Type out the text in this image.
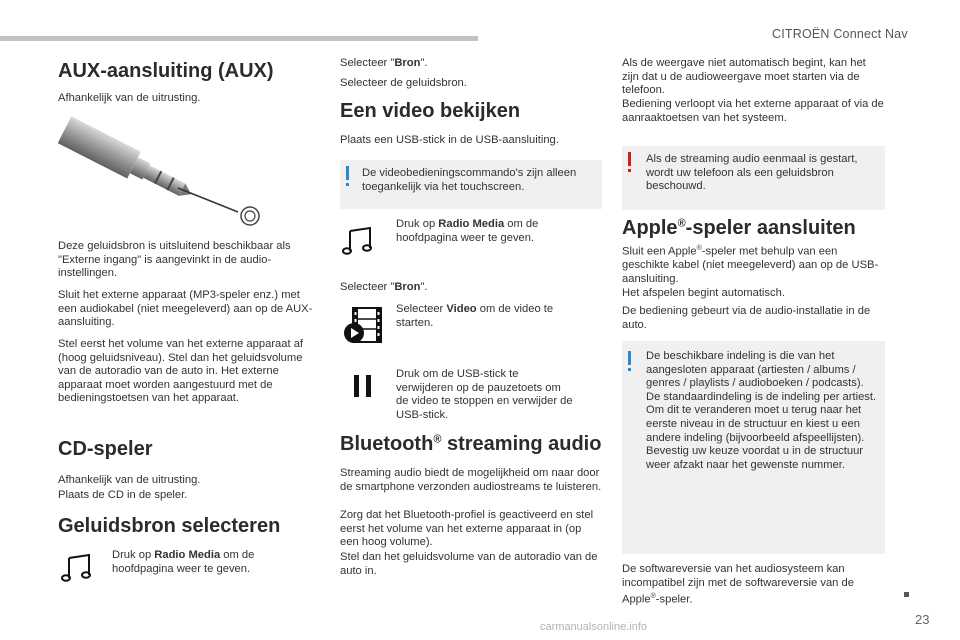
CITROËN Connect Nav
23
carmanualsonline.info
AUX-aansluiting (AUX)

Afhankelijk van de uitrusting.

Deze geluidsbron is uitsluitend beschikbaar als "Externe ingang" is aangevinkt in de audio-instellingen.

Sluit het externe apparaat (MP3-speler enz.) met een audiokabel (niet meegeleverd) aan op de AUX-aansluiting.

Stel eerst het volume van het externe apparaat af (hoog geluidsniveau). Stel dan het geluidsvolume van de autoradio van de auto in. Het externe apparaat moet worden aangestuurd met de bedieningstoetsen van het apparaat.

CD-speler

Afhankelijk van de uitrusting.

Plaats de CD in de speler.

Geluidsbron selecteren

Druk op Radio Media om de hoofdpagina weer te geven.

Selecteer "Bron".

Selecteer de geluidsbron.

Een video bekijken

Plaats een USB-stick in de USB-aansluiting.

De videobedieningscommando's zijn alleen toegankelijk via het touchscreen.

Druk op Radio Media om de hoofdpagina weer te geven.

Selecteer "Bron".

Selecteer Video om de video te starten.

Druk om de USB-stick te verwijderen op de pauzetoets om de video te stoppen en verwijder de USB-stick.

Bluetooth® streaming audio

Streaming audio biedt de mogelijkheid om naar door de smartphone verzonden audiostreams te luisteren.

Zorg dat het Bluetooth-profiel is geactiveerd en stel eerst het volume van het externe apparaat in (op een hoog volume).

Stel dan het geluidsvolume van de autoradio van de auto in.

Als de weergave niet automatisch begint, kan het zijn dat u de audioweergave moet starten via de telefoon.

Bediening verloopt via het externe apparaat of via de aanraaktoetsen van het systeem.

Als de streaming audio eenmaal is gestart, wordt uw telefoon als een geluidsbron beschouwd.

Apple®-speler aansluiten

Sluit een Apple®-speler met behulp van een geschikte kabel (niet meegeleverd) aan op de USB-aansluiting.
Het afspelen begint automatisch.

De bediening gebeurt via de audio-installatie in de auto.

De beschikbare indeling is die van het aangesloten apparaat (artiesten / albums / genres / playlists / audioboeken / podcasts).

De standaardindeling is de indeling per artiest. Om dit te veranderen moet u terug naar het eerste niveau in de structuur en kiest u een andere indeling (bijvoorbeeld afspeellijsten). Bevestig uw keuze voordat u in de structuur weer afzakt naar het gewenste nummer.

De softwareversie van het audiosysteem kan incompatibel zijn met de softwareversie van de Apple®-speler.
